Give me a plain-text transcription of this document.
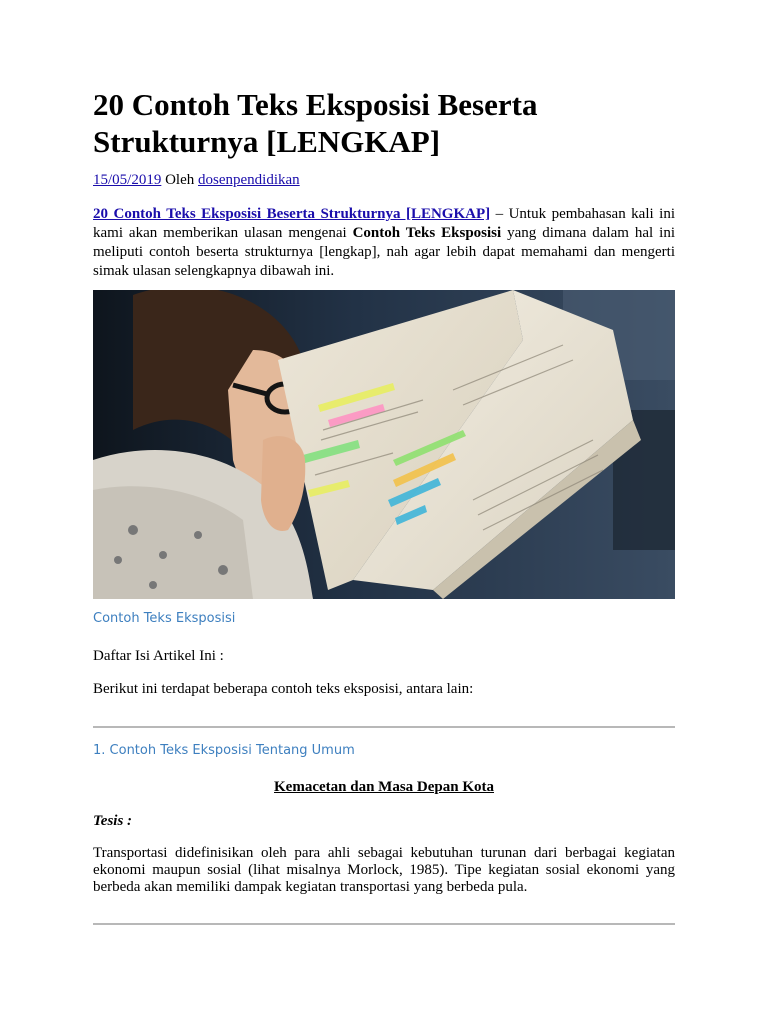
20 Contoh Teks Eksposisi Beserta Strukturnya [LENGKAP]
15/05/2019 Oleh dosenpendidikan

20 Contoh Teks Eksposisi Beserta Strukturnya [LENGKAP] – Untuk pembahasan kali ini kami akan memberikan ulasan mengenai Contoh Teks Eksposisi yang dimana dalam hal ini meliputi contoh beserta strukturnya [lengkap], nah agar lebih dapat memahami dan mengerti simak ulasan selengkapnya dibawah ini.

Contoh Teks Eksposisi
Daftar Isi Artikel Ini :
Berikut ini terdapat beberapa contoh teks eksposisi, antara lain:
1. Contoh Teks Eksposisi Tentang Umum
Kemacetan dan Masa Depan Kota
Tesis :

Transportasi didefinisikan oleh para ahli sebagai kebutuhan turunan dari berbagai kegiatan ekonomi maupun sosial (lihat misalnya Morlock, 1985). Tipe kegiatan sosial ekonomi yang berbeda akan memiliki dampak kegiatan transportasi yang berbeda pula.
